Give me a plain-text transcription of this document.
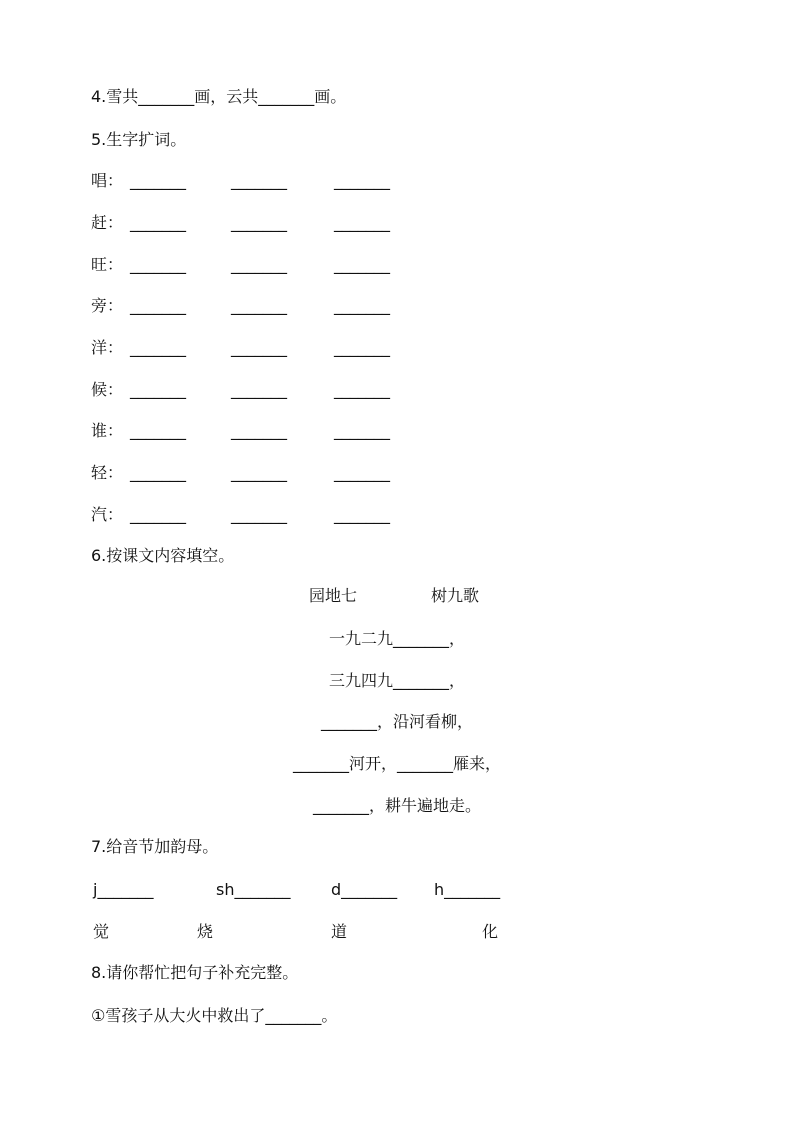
4.雪共_______画，云共_______画。
5.生字扩词。
唱： _______	_______	_______
赶： _______	_______	_______
旺： _______	_______	_______
旁： _______	_______	_______
洋： _______	_______	_______
候： _______	_______	_______
谁： _______	_______	_______
轻： _______	_______	_______
汽： _______	_______	_______
6.按课文内容填空。
园地七	树九歌
一九二九_______，
三九四九_______，
_______，沿河看柳，
_______河开，_______雁来，
_______，耕牛遍地走。
7.给音节加韵母。
j_______	sh_______	d_______ h_______
觉	烧	道	化
8.请你帮忙把句子补充完整。
①雪孩子从大火中救出了_______。
